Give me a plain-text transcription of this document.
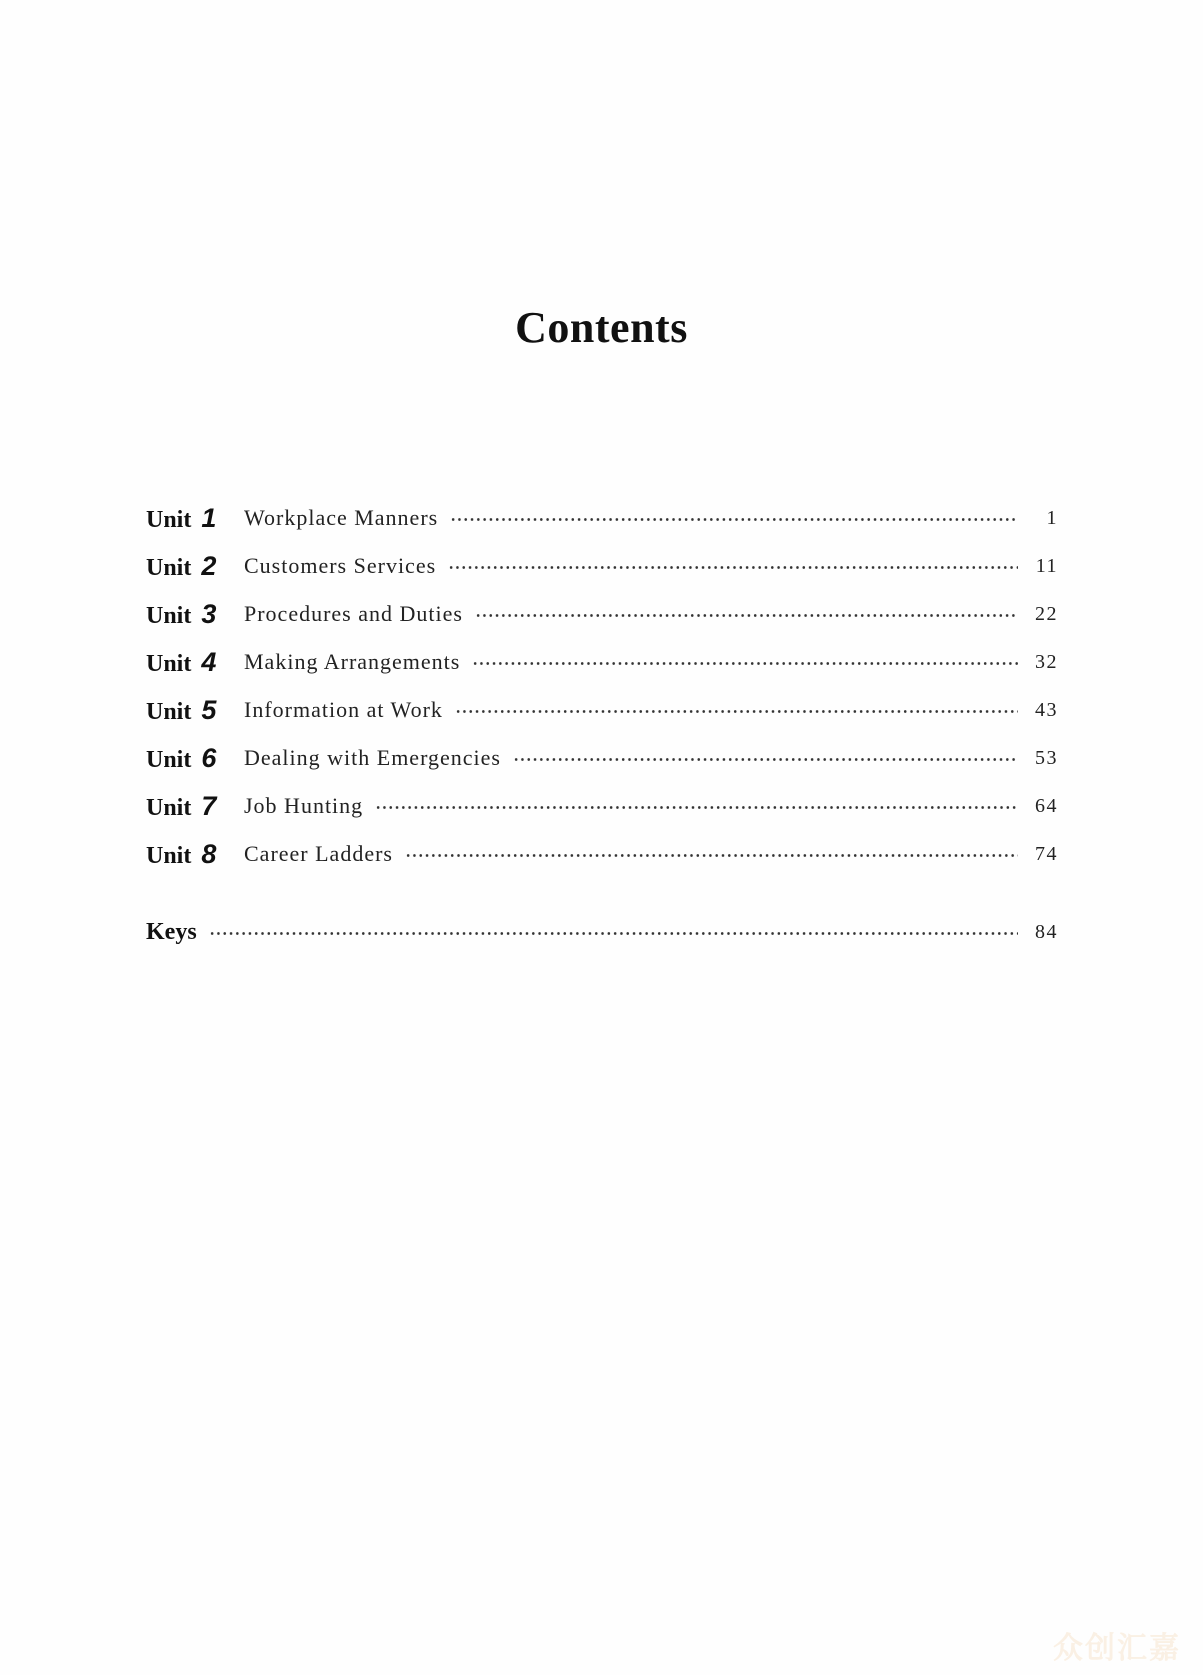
Contents
Unit 1 Workplace Manners	1
Unit 2 Customers Services	11
Unit 3 Procedures and Duties	22
Unit 4 Making Arrangements	32
Unit 5 Information at Work	43
Unit 6 Dealing with Emergencies	53
Unit 7 Job Hunting	64
Unit 8 Career Ladders	74
Keys	84
众创汇嘉
